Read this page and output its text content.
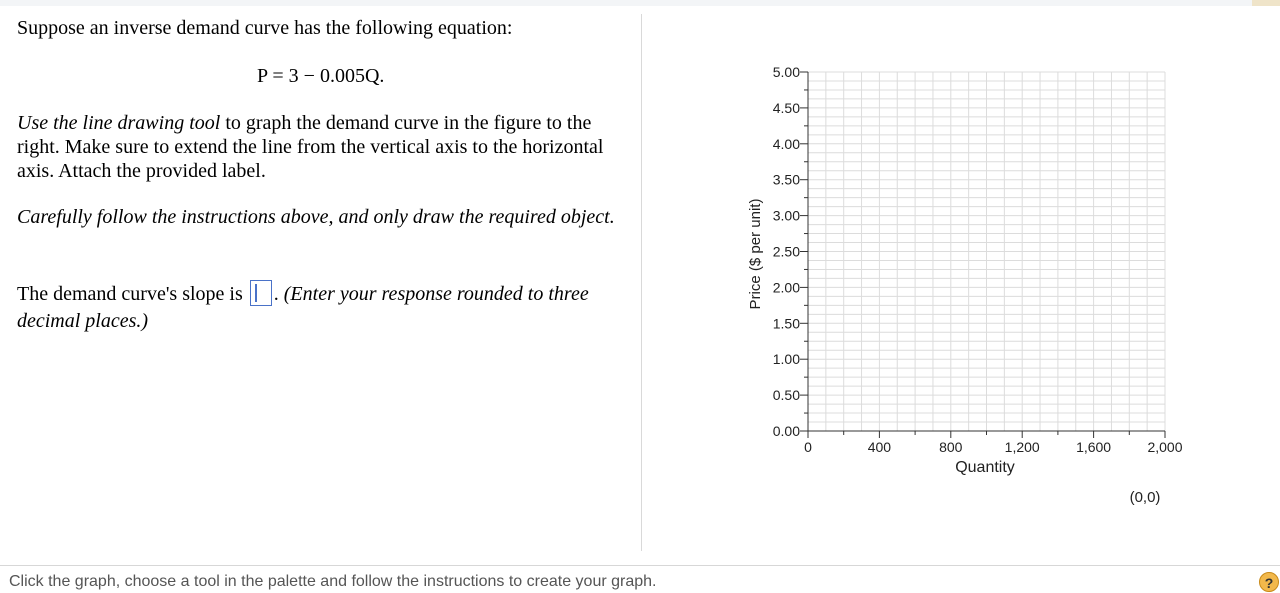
Suppose an inverse demand curve has the following equation:
P = 3 − 0.005Q.
Use the line drawing tool to graph the demand curve in the figure to the right. Make sure to extend the line from the vertical axis to the horizontal axis. Attach the provided label.
Carefully follow the instructions above, and only draw the required object.
The demand curve's slope is
. (Enter your response rounded to three decimal places.)
5.00
4.50
4.00
3.50
3.00
2.50
2.00
1.50
1.00
0.50
0.00
0	400	800	1,200	1,600	2,000
Price ($ per unit)
Quantity
(0,0)
Click the graph, choose a tool in the palette and follow the instructions to create your graph.	?
